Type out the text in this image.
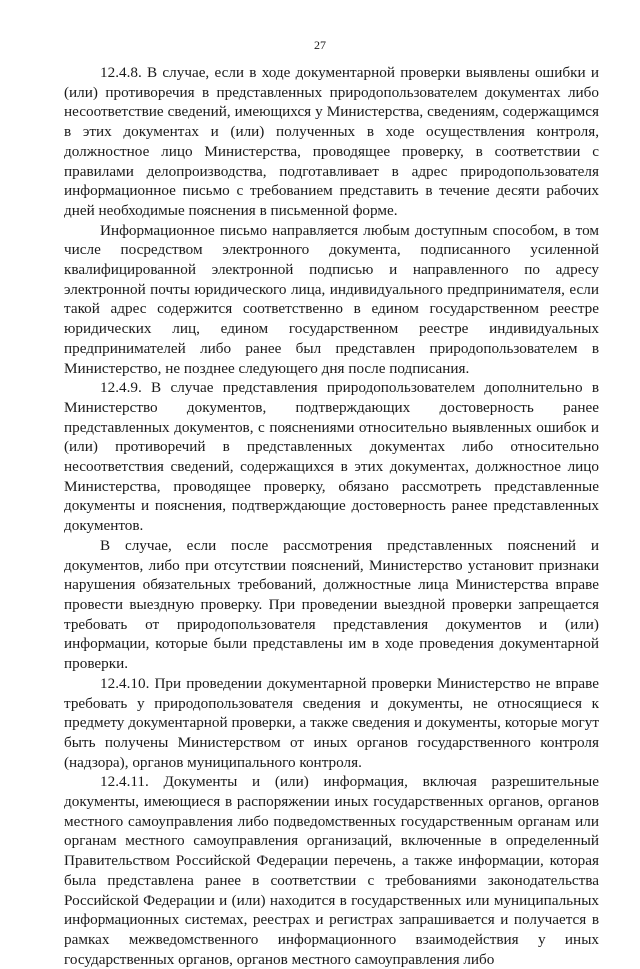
27

12.4.8. В случае, если в ходе документарной проверки выявлены ошибки и (или) противоречия в представленных природопользователем документах либо несоответствие сведений, имеющихся у Министерства, сведениям, содержащимся в этих документах и (или) полученных в ходе осуществления контроля, должностное лицо Министерства, проводящее проверку, в соответствии с правилами делопроизводства, подготавливает в адрес природопользователя информационное письмо с требованием представить в течение десяти рабочих дней необходимые пояснения в письменной форме.

Информационное письмо направляется любым доступным способом, в том числе посредством электронного документа, подписанного усиленной квалифицированной электронной подписью и направленного по адресу электронной почты юридического лица, индивидуального предпринимателя, если такой адрес содержится соответственно в едином государственном реестре юридических лиц, едином государственном реестре индивидуальных предпринимателей либо ранее был представлен природопользователем в Министерство, не позднее следующего дня после подписания.

12.4.9. В случае представления природопользователем дополнительно в Министерство документов, подтверждающих достоверность ранее представленных документов, с пояснениями относительно выявленных ошибок и (или) противоречий в представленных документах либо относительно несоответствия сведений, содержащихся в этих документах, должностное лицо Министерства, проводящее проверку, обязано рассмотреть представленные документы и пояснения, подтверждающие достоверность ранее представленных документов.

В случае, если после рассмотрения представленных пояснений и документов, либо при отсутствии пояснений, Министерство установит признаки нарушения обязательных требований, должностные лица Министерства вправе провести выездную проверку. При проведении выездной проверки запрещается требовать от природопользователя представления документов и (или) информации, которые были представлены им в ходе проведения документарной проверки.

12.4.10. При проведении документарной проверки Министерство не вправе требовать у природопользователя сведения и документы, не относящиеся к предмету документарной проверки, а также сведения и документы, которые могут быть получены Министерством от иных органов государственного контроля (надзора), органов муниципального контроля.

12.4.11. Документы и (или) информация, включая разрешительные документы, имеющиеся в распоряжении иных государственных органов, органов местного самоуправления либо подведомственных государственным органам или органам местного самоуправления организаций, включенные в определенный Правительством Российской Федерации перечень, а также информации, которая была представлена ранее в соответствии с требованиями законодательства Российской Федерации и (или) находится в государственных или муниципальных информационных системах, реестрах и регистрах запрашивается и получается в рамках межведомственного информационного взаимодействия у иных государственных органов, органов местного самоуправления либо
